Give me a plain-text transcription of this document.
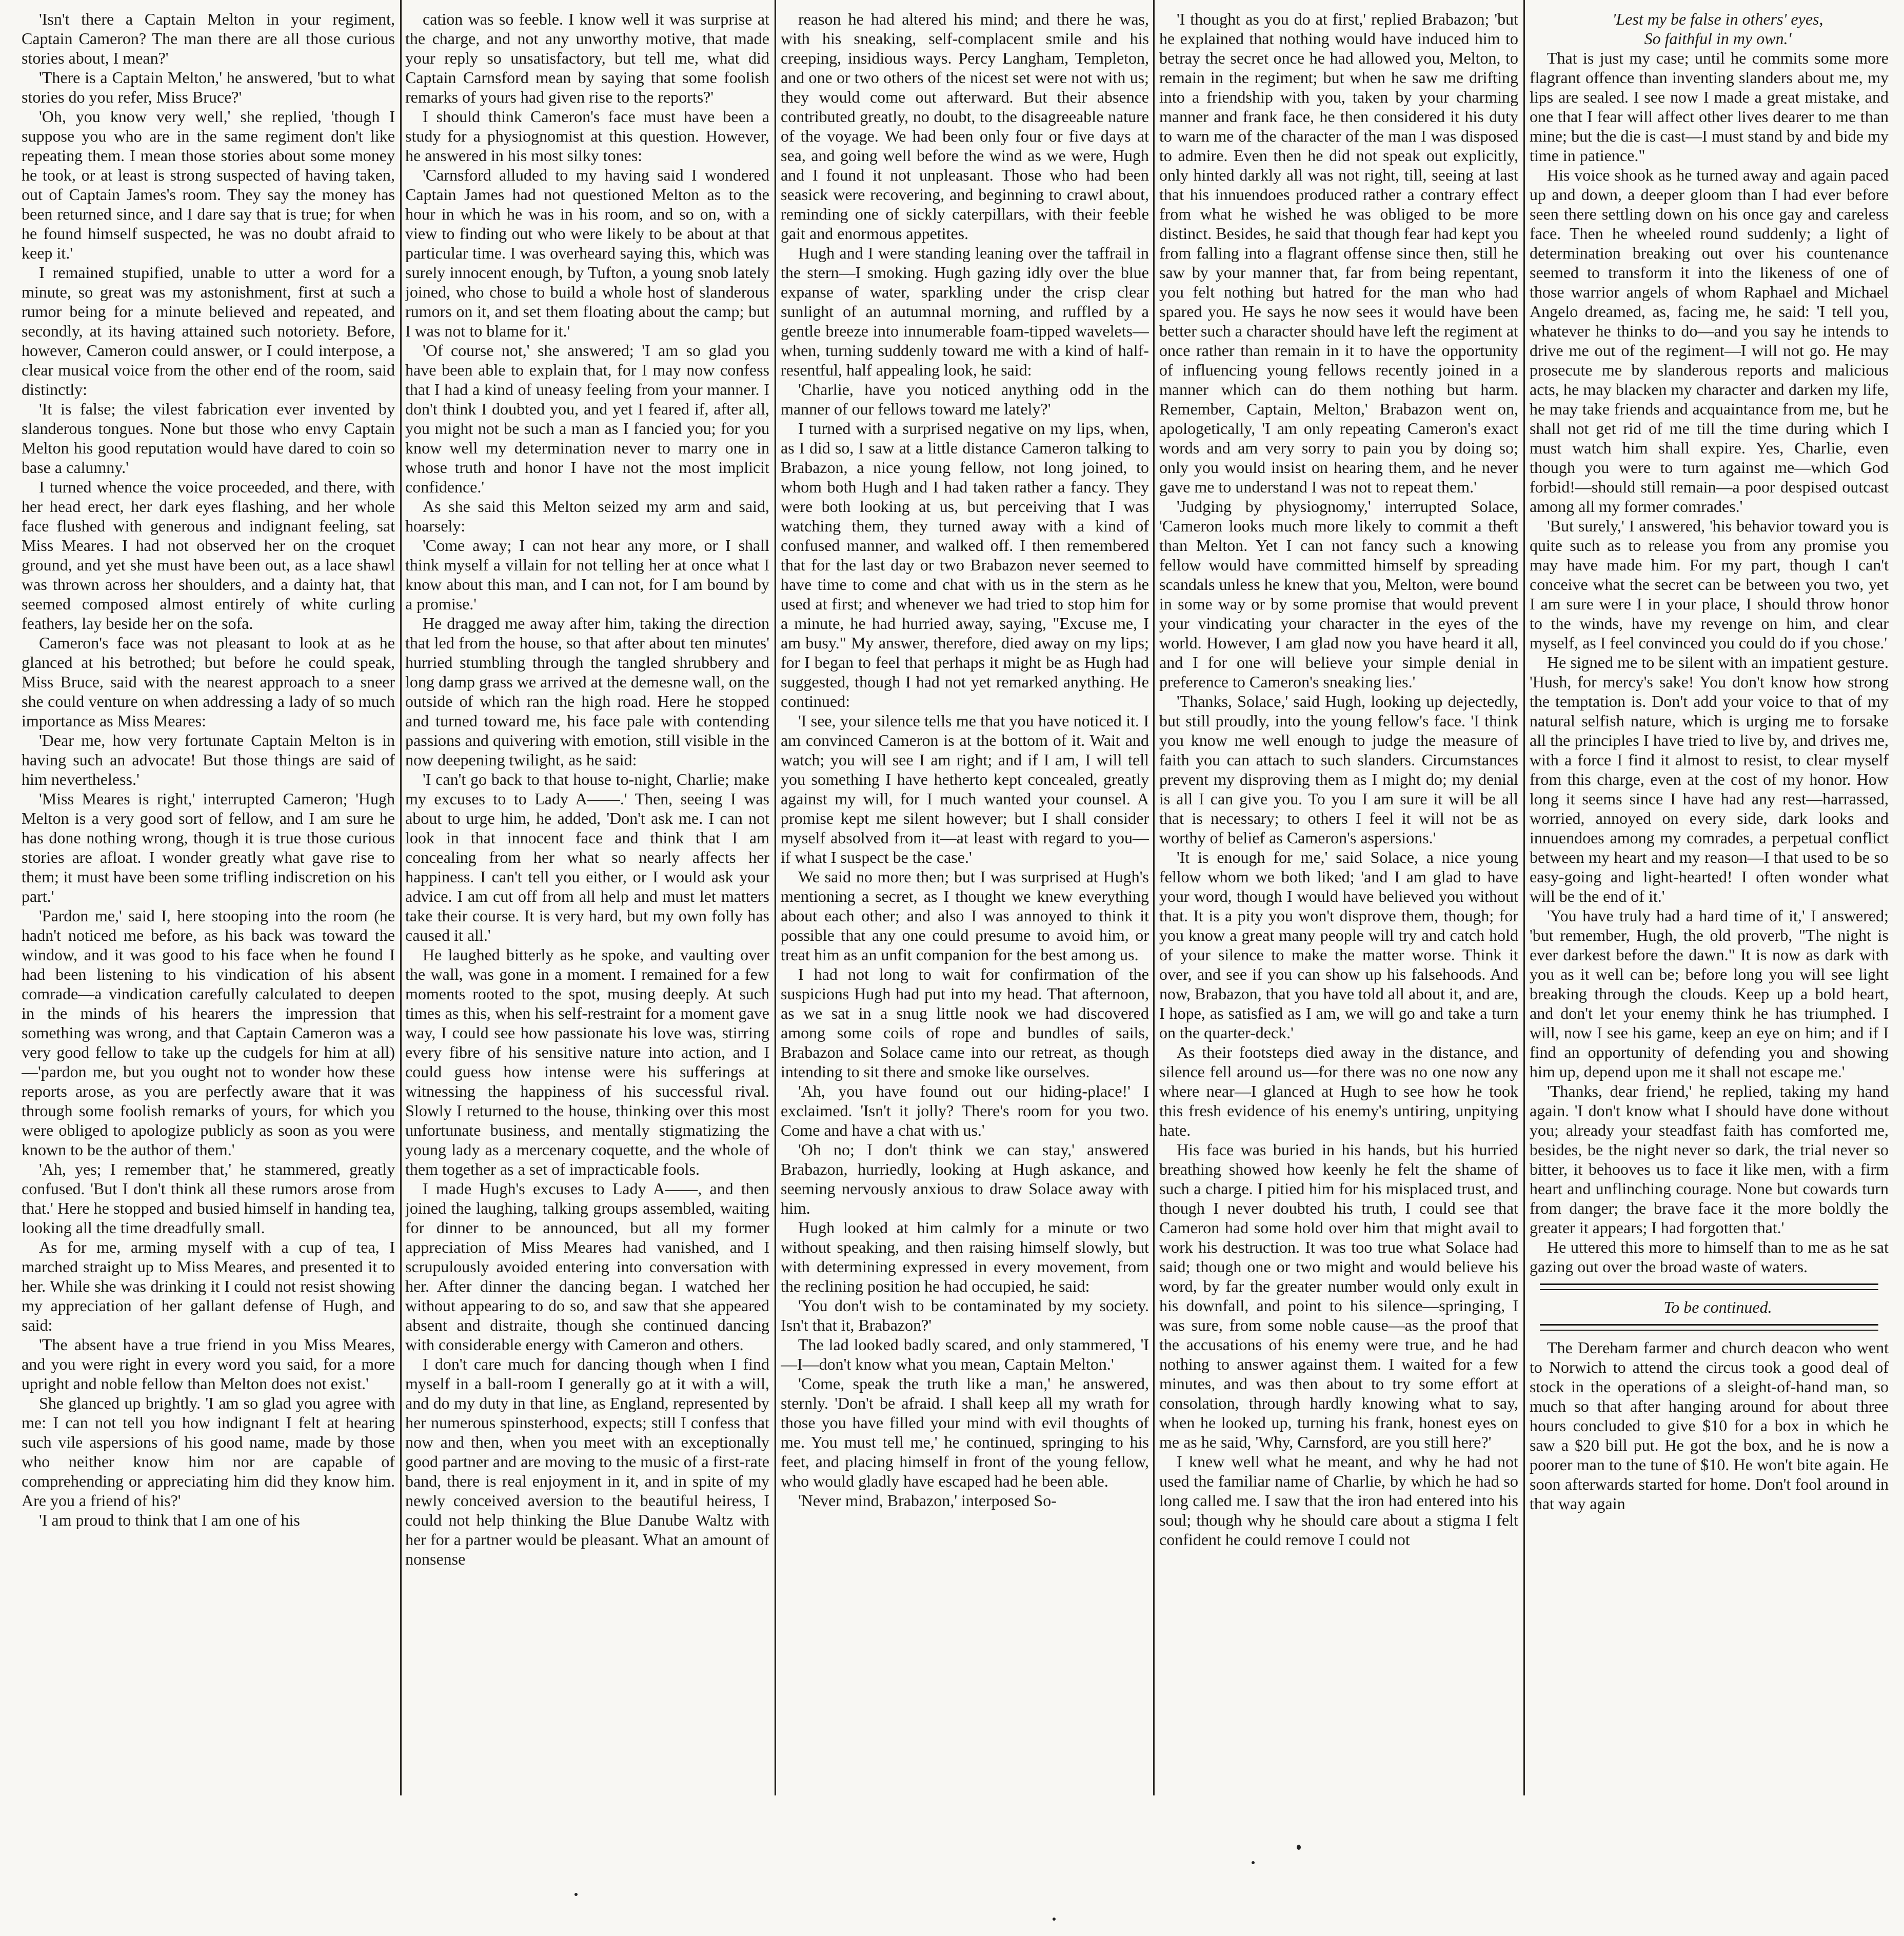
'Isn't there a Captain Melton in your regiment, Captain Cameron? The man there are all those curious stories about, I mean?'

'There is a Captain Melton,' he answered, 'but to what stories do you refer, Miss Bruce?'

'Oh, you know very well,' she replied, 'though I suppose you who are in the same regiment don't like repeating them. I mean those stories about some money he took, or at least is strong suspected of having taken, out of Captain James's room. They say the money has been returned since, and I dare say that is true; for when he found himself suspected, he was no doubt afraid to keep it.'

I remained stupified, unable to utter a word for a minute, so great was my astonishment, first at such a rumor being for a minute believed and repeated, and secondly, at its having attained such notoriety. Before, however, Cameron could answer, or I could interpose, a clear musical voice from the other end of the room, said distinctly:

'It is false; the vilest fabrication ever invented by slanderous tongues. None but those who envy Captain Melton his good reputation would have dared to coin so base a calumny.'

I turned whence the voice proceeded, and there, with her head erect, her dark eyes flashing, and her whole face flushed with generous and indignant feeling, sat Miss Meares. I had not observed her on the croquet ground, and yet she must have been out, as a lace shawl was thrown across her shoulders, and a dainty hat, that seemed composed almost entirely of white curling feathers, lay beside her on the sofa.

Cameron's face was not pleasant to look at as he glanced at his betrothed; but before he could speak, Miss Bruce, said with the nearest approach to a sneer she could venture on when addressing a lady of so much importance as Miss Meares:

'Dear me, how very fortunate Captain Melton is in having such an advocate! But those things are said of him nevertheless.'

'Miss Meares is right,' interrupted Cameron; 'Hugh Melton is a very good sort of fellow, and I am sure he has done nothing wrong, though it is true those curious stories are afloat. I wonder greatly what gave rise to them; it must have been some trifling indiscretion on his part.'

'Pardon me,' said I, here stooping into the room (he hadn't noticed me before, as his back was toward the window, and it was good to his face when he found I had been listening to his vindication of his absent comrade—a vindication carefully calculated to deepen in the minds of his hearers the impression that something was wrong, and that Captain Cameron was a very good fellow to take up the cudgels for him at all)—'pardon me, but you ought not to wonder how these reports arose, as you are perfectly aware that it was through some foolish remarks of yours, for which you were obliged to apologize publicly as soon as you were known to be the author of them.'

'Ah, yes; I remember that,' he stammered, greatly confused. 'But I don't think all these rumors arose from that.' Here he stopped and busied himself in handing tea, looking all the time dreadfully small.

As for me, arming myself with a cup of tea, I marched straight up to Miss Meares, and presented it to her. While she was drinking it I could not resist showing my appreciation of her gallant defense of Hugh, and said:

'The absent have a true friend in you Miss Meares, and you were right in every word you said, for a more upright and noble fellow than Melton does not exist.'

She glanced up brightly. 'I am so glad you agree with me: I can not tell you how indignant I felt at hearing such vile aspersions of his good name, made by those who neither know him nor are capable of comprehending or appreciating him did they know him. Are you a friend of his?'

'I am proud to think that I am one of his

cation was so feeble. I know well it was surprise at the charge, and not any unworthy motive, that made your reply so unsatisfactory, but tell me, what did Captain Carnsford mean by saying that some foolish remarks of yours had given rise to the reports?'

I should think Cameron's face must have been a study for a physiognomist at this question. However, he answered in his most silky tones:

'Carnsford alluded to my having said I wondered Captain James had not questioned Melton as to the hour in which he was in his room, and so on, with a view to finding out who were likely to be about at that particular time. I was overheard saying this, which was surely innocent enough, by Tufton, a young snob lately joined, who chose to build a whole host of slanderous rumors on it, and set them floating about the camp; but I was not to blame for it.'

'Of course not,' she answered; 'I am so glad you have been able to explain that, for I may now confess that I had a kind of uneasy feeling from your manner. I don't think I doubted you, and yet I feared if, after all, you might not be such a man as I fancied you; for you know well my determination never to marry one in whose truth and honor I have not the most implicit confidence.'

As she said this Melton seized my arm and said, hoarsely:

'Come away; I can not hear any more, or I shall think myself a villain for not telling her at once what I know about this man, and I can not, for I am bound by a promise.'

He dragged me away after him, taking the direction that led from the house, so that after about ten minutes' hurried stumbling through the tangled shrubbery and long damp grass we arrived at the demesne wall, on the outside of which ran the high road. Here he stopped and turned toward me, his face pale with contending passions and quivering with emotion, still visible in the now deepening twilight, as he said:

'I can't go back to that house to-night, Charlie; make my excuses to to Lady A——.' Then, seeing I was about to urge him, he added, 'Don't ask me. I can not look in that innocent face and think that I am concealing from her what so nearly affects her happiness. I can't tell you either, or I would ask your advice. I am cut off from all help and must let matters take their course. It is very hard, but my own folly has caused it all.'

He laughed bitterly as he spoke, and vaulting over the wall, was gone in a moment. I remained for a few moments rooted to the spot, musing deeply. At such times as this, when his self-restraint for a moment gave way, I could see how passionate his love was, stirring every fibre of his sensitive nature into action, and I could guess how intense were his sufferings at witnessing the happiness of his successful rival. Slowly I returned to the house, thinking over this most unfortunate business, and mentally stigmatizing the young lady as a mercenary coquette, and the whole of them together as a set of impracticable fools.

I made Hugh's excuses to Lady A——, and then joined the laughing, talking groups assembled, waiting for dinner to be announced, but all my former appreciation of Miss Meares had vanished, and I scrupulously avoided entering into conversation with her. After dinner the dancing began. I watched her without appearing to do so, and saw that she appeared absent and distraite, though she continued dancing with considerable energy with Cameron and others.

I don't care much for dancing though when I find myself in a ball-room I generally go at it with a will, and do my duty in that line, as England, represented by her numerous spinsterhood, expects; still I confess that now and then, when you meet with an exceptionally good partner and are moving to the music of a first-rate band, there is real enjoyment in it, and in spite of my newly conceived aversion to the beautiful heiress, I could not help thinking the Blue Danube Waltz with her for a partner would be pleasant. What an amount of nonsense

reason he had altered his mind; and there he was, with his sneaking, self-complacent smile and his creeping, insidious ways. Percy Langham, Templeton, and one or two others of the nicest set were not with us; they would come out afterward. But their absence contributed greatly, no doubt, to the disagreeable nature of the voyage. We had been only four or five days at sea, and going well before the wind as we were, Hugh and I found it not unpleasant. Those who had been seasick were recovering, and beginning to crawl about, reminding one of sickly caterpillars, with their feeble gait and enormous appetites.

Hugh and I were standing leaning over the taffrail in the stern—I smoking. Hugh gazing idly over the blue expanse of water, sparkling under the crisp clear sunlight of an autumnal morning, and ruffled by a gentle breeze into innumerable foam-tipped wavelets—when, turning suddenly toward me with a kind of half-resentful, half appealing look, he said:

'Charlie, have you noticed anything odd in the manner of our fellows toward me lately?'

I turned with a surprised negative on my lips, when, as I did so, I saw at a little distance Cameron talking to Brabazon, a nice young fellow, not long joined, to whom both Hugh and I had taken rather a fancy. They were both looking at us, but perceiving that I was watching them, they turned away with a kind of confused manner, and walked off. I then remembered that for the last day or two Brabazon never seemed to have time to come and chat with us in the stern as he used at first; and whenever we had tried to stop him for a minute, he had hurried away, saying, "Excuse me, I am busy." My answer, therefore, died away on my lips; for I began to feel that perhaps it might be as Hugh had suggested, though I had not yet remarked anything. He continued:

'I see, your silence tells me that you have noticed it. I am convinced Cameron is at the bottom of it. Wait and watch; you will see I am right; and if I am, I will tell you something I have hetherto kept concealed, greatly against my will, for I much wanted your counsel. A promise kept me silent however; but I shall consider myself absolved from it—at least with regard to you—if what I suspect be the case.'

We said no more then; but I was surprised at Hugh's mentioning a secret, as I thought we knew everything about each other; and also I was annoyed to think it possible that any one could presume to avoid him, or treat him as an unfit companion for the best among us.

I had not long to wait for confirmation of the suspicions Hugh had put into my head. That afternoon, as we sat in a snug little nook we had discovered among some coils of rope and bundles of sails, Brabazon and Solace came into our retreat, as though intending to sit there and smoke like ourselves.

'Ah, you have found out our hiding-place!' I exclaimed. 'Isn't it jolly? There's room for you two. Come and have a chat with us.'

'Oh no; I don't think we can stay,' answered Brabazon, hurriedly, looking at Hugh askance, and seeming nervously anxious to draw Solace away with him.

Hugh looked at him calmly for a minute or two without speaking, and then raising himself slowly, but with determining expressed in every movement, from the reclining position he had occupied, he said:

'You don't wish to be contaminated by my society. Isn't that it, Brabazon?'

The lad looked badly scared, and only stammered, 'I—I—don't know what you mean, Captain Melton.'

'Come, speak the truth like a man,' he answered, sternly. 'Don't be afraid. I shall keep all my wrath for those you have filled your mind with evil thoughts of me. You must tell me,' he continued, springing to his feet, and placing himself in front of the young fellow, who would gladly have escaped had he been able.

'Never mind, Brabazon,' interposed So-

'I thought as you do at first,' replied Brabazon; 'but he explained that nothing would have induced him to betray the secret once he had allowed you, Melton, to remain in the regiment; but when he saw me drifting into a friendship with you, taken by your charming manner and frank face, he then considered it his duty to warn me of the character of the man I was disposed to admire. Even then he did not speak out explicitly, only hinted darkly all was not right, till, seeing at last that his innuendoes produced rather a contrary effect from what he wished he was obliged to be more distinct. Besides, he said that though fear had kept you from falling into a flagrant offense since then, still he saw by your manner that, far from being repentant, you felt nothing but hatred for the man who had spared you. He says he now sees it would have been better such a character should have left the regiment at once rather than remain in it to have the opportunity of influencing young fellows recently joined in a manner which can do them nothing but harm. Remember, Captain, Melton,' Brabazon went on, apologetically, 'I am only repeating Cameron's exact words and am very sorry to pain you by doing so; only you would insist on hearing them, and he never gave me to understand I was not to repeat them.'

'Judging by physiognomy,' interrupted Solace, 'Cameron looks much more likely to commit a theft than Melton. Yet I can not fancy such a knowing fellow would have committed himself by spreading scandals unless he knew that you, Melton, were bound in some way or by some promise that would prevent your vindicating your character in the eyes of the world. However, I am glad now you have heard it all, and I for one will believe your simple denial in preference to Cameron's sneaking lies.'

'Thanks, Solace,' said Hugh, looking up dejectedly, but still proudly, into the young fellow's face. 'I think you know me well enough to judge the measure of faith you can attach to such slanders. Circumstances prevent my disproving them as I might do; my denial is all I can give you. To you I am sure it will be all that is necessary; to others I feel it will not be as worthy of belief as Cameron's aspersions.'

'It is enough for me,' said Solace, a nice young fellow whom we both liked; 'and I am glad to have your word, though I would have believed you without that. It is a pity you won't disprove them, though; for you know a great many people will try and catch hold of your silence to make the matter worse. Think it over, and see if you can show up his falsehoods. And now, Brabazon, that you have told all about it, and are, I hope, as satisfied as I am, we will go and take a turn on the quarter-deck.'

As their footsteps died away in the distance, and silence fell around us—for there was no one now any where near—I glanced at Hugh to see how he took this fresh evidence of his enemy's untiring, unpitying hate.

His face was buried in his hands, but his hurried breathing showed how keenly he felt the shame of such a charge. I pitied him for his misplaced trust, and though I never doubted his truth, I could see that Cameron had some hold over him that might avail to work his destruction. It was too true what Solace had said; though one or two might and would believe his word, by far the greater number would only exult in his downfall, and point to his silence—springing, I was sure, from some noble cause—as the proof that the accusations of his enemy were true, and he had nothing to answer against them. I waited for a few minutes, and was then about to try some effort at consolation, through hardly knowing what to say, when he looked up, turning his frank, honest eyes on me as he said, 'Why, Carnsford, are you still here?'

I knew well what he meant, and why he had not used the familiar name of Charlie, by which he had so long called me. I saw that the iron had entered into his soul; though why he should care about a stigma I felt confident he could remove I could not

'Lest my be false in others' eyes,

So faithful in my own.'

That is just my case; until he commits some more flagrant offence than inventing slanders about me, my lips are sealed. I see now I made a great mistake, and one that I fear will affect other lives dearer to me than mine; but the die is cast—I must stand by and bide my time in patience."

His voice shook as he turned away and again paced up and down, a deeper gloom than I had ever before seen there settling down on his once gay and careless face. Then he wheeled round suddenly; a light of determination breaking out over his countenance seemed to transform it into the likeness of one of those warrior angels of whom Raphael and Michael Angelo dreamed, as, facing me, he said: 'I tell you, whatever he thinks to do—and you say he intends to drive me out of the regiment—I will not go. He may prosecute me by slanderous reports and malicious acts, he may blacken my character and darken my life, he may take friends and acquaintance from me, but he shall not get rid of me till the time during which I must watch him shall expire. Yes, Charlie, even though you were to turn against me—which God forbid!—should still remain—a poor despised outcast among all my former comrades.'

'But surely,' I answered, 'his behavior toward you is quite such as to release you from any promise you may have made him. For my part, though I can't conceive what the secret can be between you two, yet I am sure were I in your place, I should throw honor to the winds, have my revenge on him, and clear myself, as I feel convinced you could do if you chose.'

He signed me to be silent with an impatient gesture. 'Hush, for mercy's sake! You don't know how strong the temptation is. Don't add your voice to that of my natural selfish nature, which is urging me to forsake all the principles I have tried to live by, and drives me, with a force I find it almost to resist, to clear myself from this charge, even at the cost of my honor. How long it seems since I have had any rest—harrassed, worried, annoyed on every side, dark looks and innuendoes among my comrades, a perpetual conflict between my heart and my reason—I that used to be so easy-going and light-hearted! I often wonder what will be the end of it.'

'You have truly had a hard time of it,' I answered; 'but remember, Hugh, the old proverb, "The night is ever darkest before the dawn." It is now as dark with you as it well can be; before long you will see light breaking through the clouds. Keep up a bold heart, and don't let your enemy think he has triumphed. I will, now I see his game, keep an eye on him; and if I find an opportunity of defending you and showing him up, depend upon me it shall not escape me.'

'Thanks, dear friend,' he replied, taking my hand again. 'I don't know what I should have done without you; already your steadfast faith has comforted me, besides, be the night never so dark, the trial never so bitter, it behooves us to face it like men, with a firm heart and unflinching courage. None but cowards turn from danger; the brave face it the more boldly the greater it appears; I had forgotten that.'

He uttered this more to himself than to me as he sat gazing out over the broad waste of waters.

To be continued.

The Dereham farmer and church deacon who went to Norwich to attend the circus took a good deal of stock in the operations of a sleight-of-hand man, so much so that after hanging around for about three hours concluded to give $10 for a box in which he saw a $20 bill put. He got the box, and he is now a poorer man to the tune of $10. He won't bite again. He soon afterwards started for home. Don't fool around in that way again
